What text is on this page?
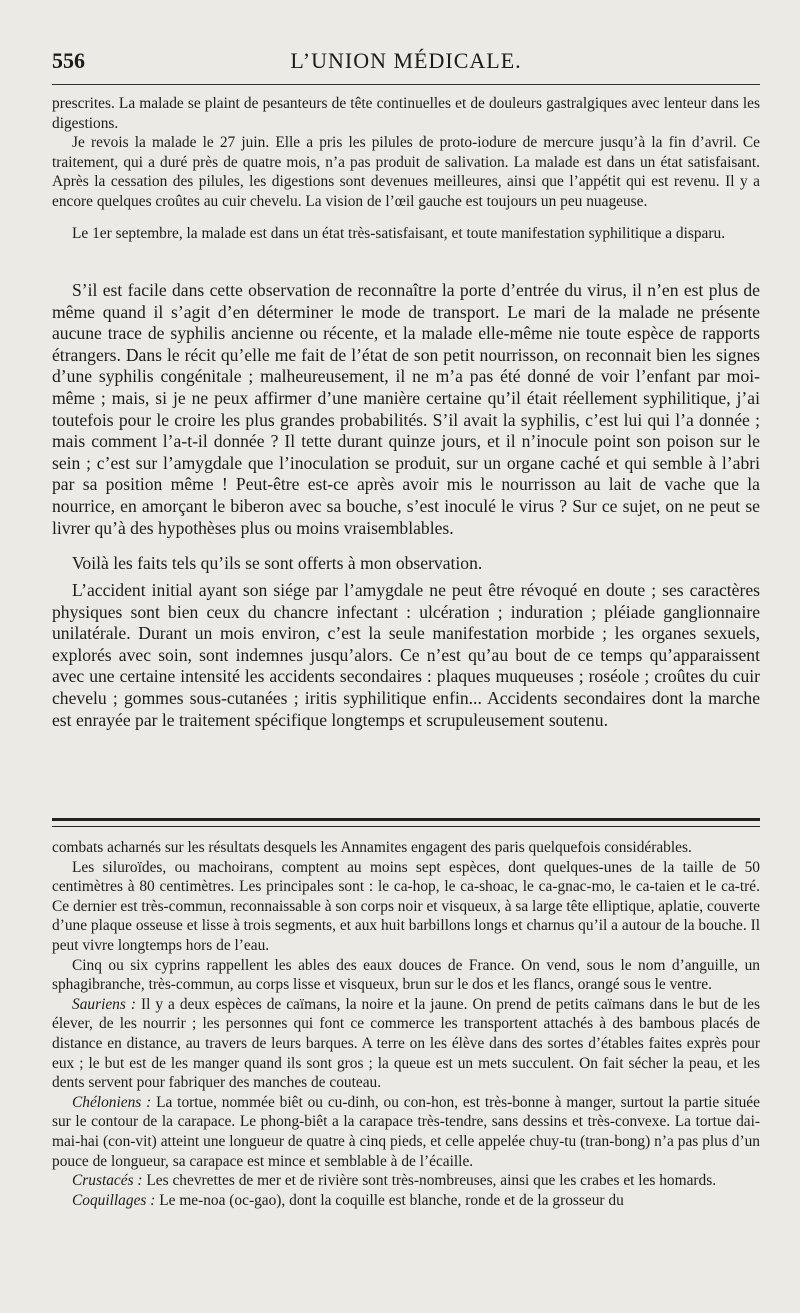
556	L’UNION MÉDICALE.

prescrites. La malade se plaint de pesanteurs de tête continuelles et de douleurs gastralgiques avec lenteur dans les digestions.

Je revois la malade le 27 juin. Elle a pris les pilules de proto-iodure de mercure jusqu’à la fin d’avril. Ce traitement, qui a duré près de quatre mois, n’a pas produit de salivation. La malade est dans un état satisfaisant. Après la cessation des pilules, les digestions sont devenues meilleures, ainsi que l’appétit qui est revenu. Il y a encore quelques croûtes au cuir chevelu. La vision de l’œil gauche est toujours un peu nuageuse.

Le 1er septembre, la malade est dans un état très-satisfaisant, et toute manifestation syphilitique a disparu.

S’il est facile dans cette observation de reconnaître la porte d’entrée du virus, il n’en est plus de même quand il s’agit d’en déterminer le mode de transport. Le mari de la malade ne présente aucune trace de syphilis ancienne ou récente, et la malade elle-même nie toute espèce de rapports étrangers. Dans le récit qu’elle me fait de l’état de son petit nourrisson, on reconnait bien les signes d’une syphilis congénitale ; malheureusement, il ne m’a pas été donné de voir l’enfant par moi-même ; mais, si je ne peux affirmer d’une manière certaine qu’il était réellement syphilitique, j’ai toutefois pour le croire les plus grandes probabilités. S’il avait la syphilis, c’est lui qui l’a donnée ; mais comment l’a-t-il donnée ? Il tette durant quinze jours, et il n’inocule point son poison sur le sein ; c’est sur l’amygdale que l’inoculation se produit, sur un organe caché et qui semble à l’abri par sa position même ! Peut-être est-ce après avoir mis le nourrisson au lait de vache que la nourrice, en amorçant le biberon avec sa bouche, s’est inoculé le virus ? Sur ce sujet, on ne peut se livrer qu’à des hypothèses plus ou moins vraisemblables.

Voilà les faits tels qu’ils se sont offerts à mon observation.

L’accident initial ayant son siége par l’amygdale ne peut être révoqué en doute ; ses caractères physiques sont bien ceux du chancre infectant : ulcération ; induration ; pléiade ganglionnaire unilatérale. Durant un mois environ, c’est la seule manifestation morbide ; les organes sexuels, explorés avec soin, sont indemnes jusqu’alors. Ce n’est qu’au bout de ce temps qu’apparaissent avec une certaine intensité les accidents secondaires : plaques muqueuses ; roséole ; croûtes du cuir chevelu ; gommes sous-cutanées ; iritis syphilitique enfin... Accidents secondaires dont la marche est enrayée par le traitement spécifique longtemps et scrupuleusement soutenu.

combats acharnés sur les résultats desquels les Annamites engagent des paris quelquefois considérables.

Les siluroïdes, ou machoirans, comptent au moins sept espèces, dont quelques-unes de la taille de 50 centimètres à 80 centimètres. Les principales sont : le ca-hop, le ca-shoac, le ca-gnac-mo, le ca-taien et le ca-tré. Ce dernier est très-commun, reconnaissable à son corps noir et visqueux, à sa large tête elliptique, aplatie, couverte d’une plaque osseuse et lisse à trois segments, et aux huit barbillons longs et charnus qu’il a autour de la bouche. Il peut vivre longtemps hors de l’eau.

Cinq ou six cyprins rappellent les ables des eaux douces de France. On vend, sous le nom d’anguille, un sphagibranche, très-commun, au corps lisse et visqueux, brun sur le dos et les flancs, orangé sous le ventre.

Sauriens : Il y a deux espèces de caïmans, la noire et la jaune. On prend de petits caïmans dans le but de les élever, de les nourrir ; les personnes qui font ce commerce les transportent attachés à des bambous placés de distance en distance, au travers de leurs barques. A terre on les élève dans des sortes d’étables faites exprès pour eux ; le but est de les manger quand ils sont gros ; la queue est un mets succulent. On fait sécher la peau, et les dents servent pour fabriquer des manches de couteau.

Chéloniens : La tortue, nommée biêt ou cu-dinh, ou con-hon, est très-bonne à manger, surtout la partie située sur le contour de la carapace. Le phong-biêt a la carapace très-tendre, sans dessins et très-convexe. La tortue dai-mai-hai (con-vit) atteint une longueur de quatre à cinq pieds, et celle appelée chuy-tu (tran-bong) n’a pas plus d’un pouce de longueur, sa carapace est mince et semblable à de l’écaille.

Crustacés : Les chevrettes de mer et de rivière sont très-nombreuses, ainsi que les crabes et les homards.

Coquillages : Le me-noa (oc-gao), dont la coquille est blanche, ronde et de la grosseur du
